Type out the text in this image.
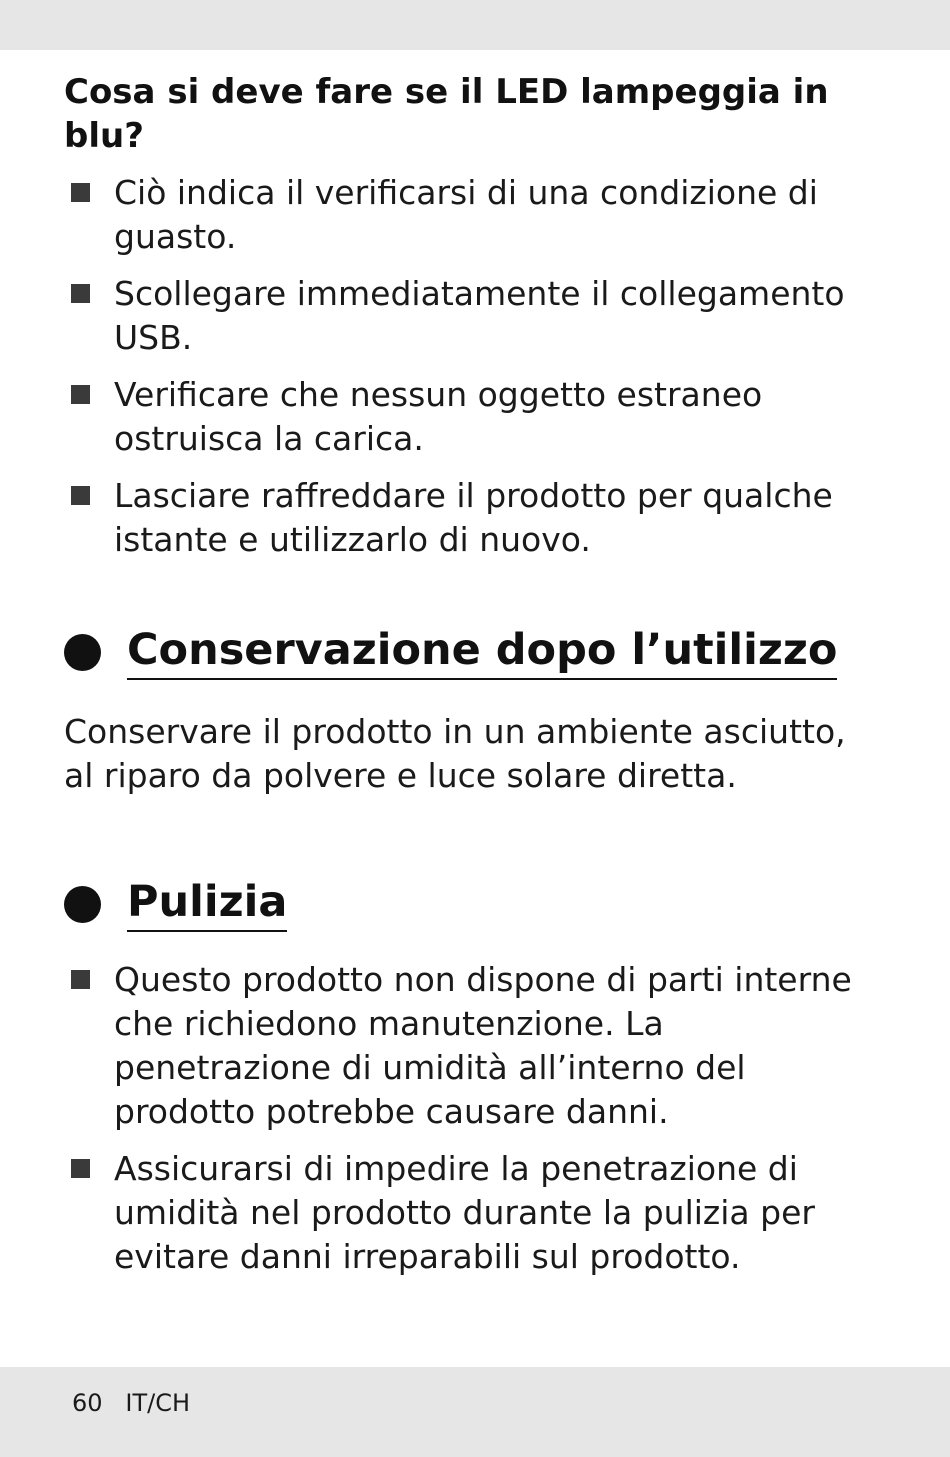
Cosa si deve fare se il LED lampeggia in blu?
Ciò indica il verificarsi di una condizione di guasto.
Scollegare immediatamente il collegamento USB.
Verificare che nessun oggetto estraneo ostruisca la carica.
Lasciare raffreddare il prodotto per qualche istante e utilizzarlo di nuovo.
Conservazione dopo l’utilizzo

Conservare il prodotto in un ambiente asciutto, al riparo da polvere e luce solare diretta.

Pulizia
Questo prodotto non dispone di parti interne che richiedono manutenzione. La penetrazione di umidità all’interno del prodotto potrebbe causare danni.
Assicurarsi di impedire la penetrazione di umidità nel prodotto durante la pulizia per evitare danni irreparabili sul prodotto.
60   IT/CH
